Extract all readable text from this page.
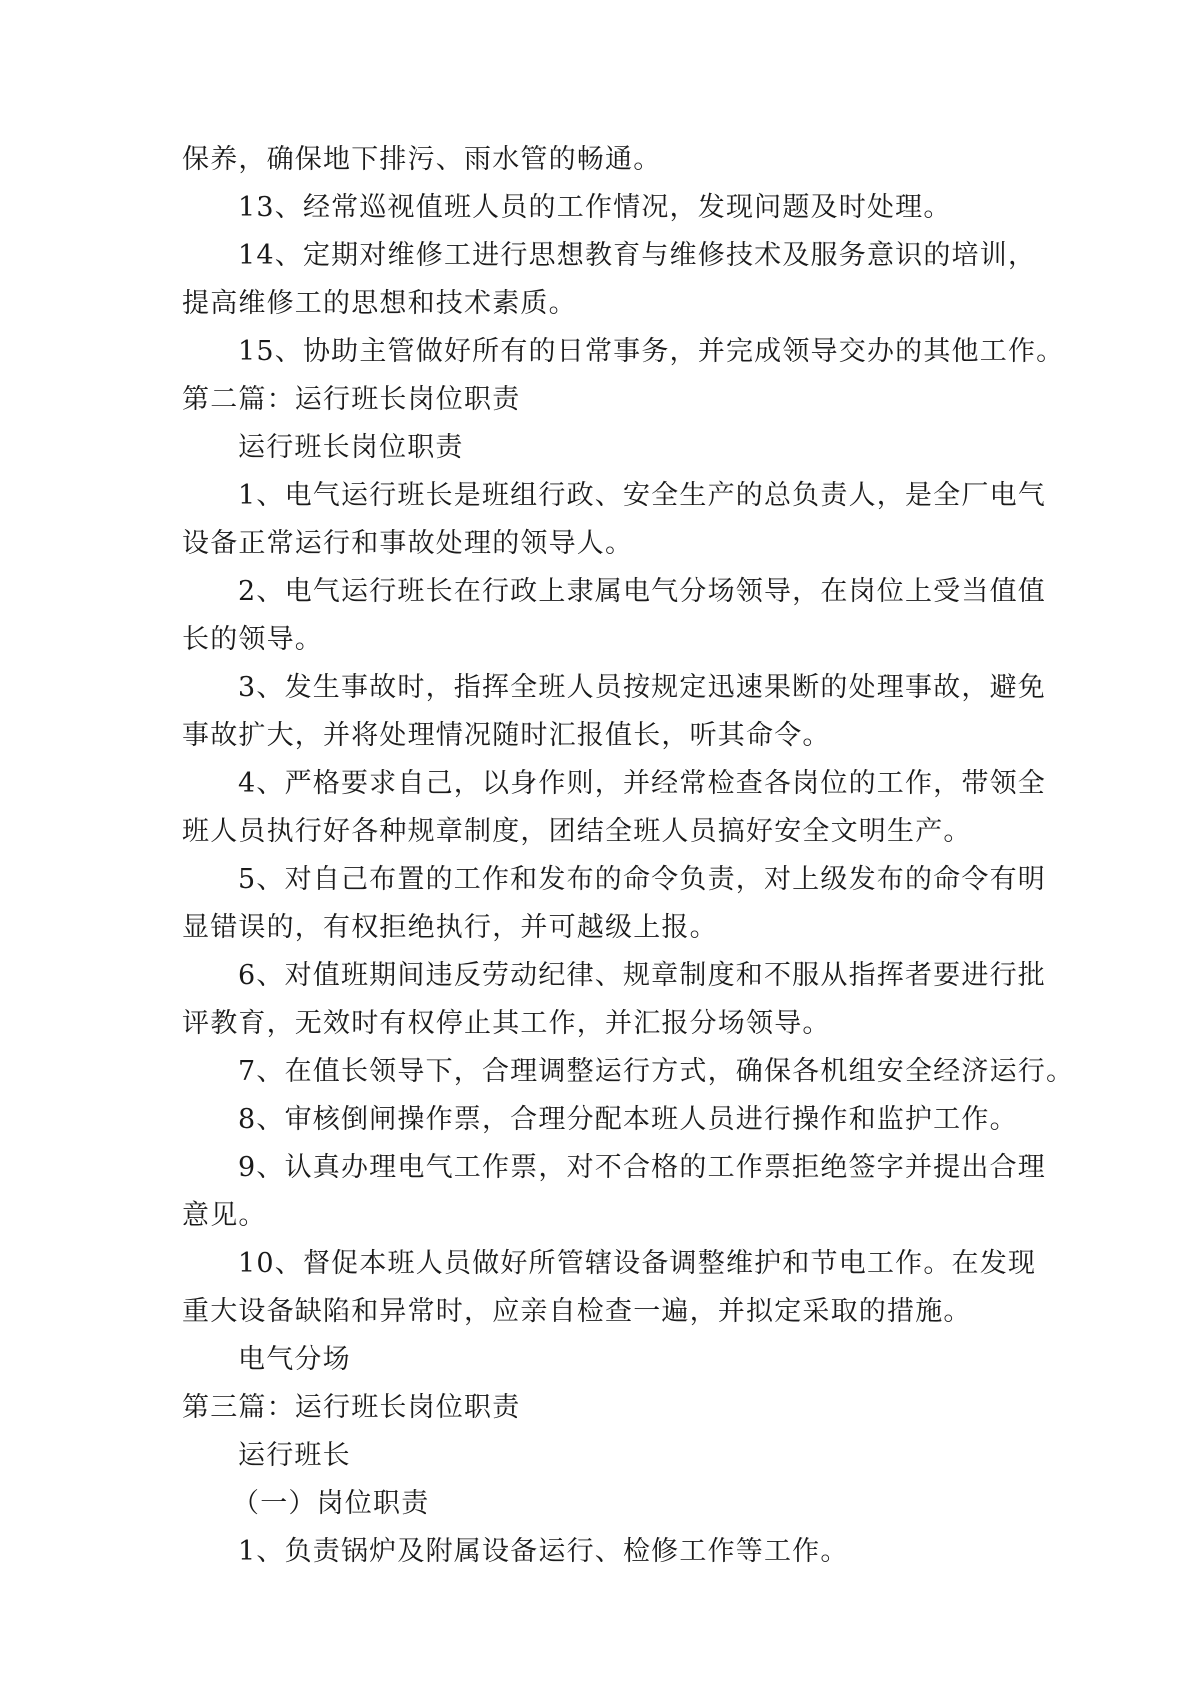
保养，确保地下排污、雨水管的畅通。
13、经常巡视值班人员的工作情况，发现问题及时处理。
14、定期对维修工进行思想教育与维修技术及服务意识的培训，
提高维修工的思想和技术素质。
15、协助主管做好所有的日常事务，并完成领导交办的其他工作。
第二篇：运行班长岗位职责
运行班长岗位职责
1、电气运行班长是班组行政、安全生产的总负责人，是全厂电气
设备正常运行和事故处理的领导人。
2、电气运行班长在行政上隶属电气分场领导，在岗位上受当值值
长的领导。
3、发生事故时，指挥全班人员按规定迅速果断的处理事故，避免
事故扩大，并将处理情况随时汇报值长，听其命令。
4、严格要求自己，以身作则，并经常检查各岗位的工作，带领全
班人员执行好各种规章制度，团结全班人员搞好安全文明生产。
5、对自己布置的工作和发布的命令负责，对上级发布的命令有明
显错误的，有权拒绝执行，并可越级上报。
6、对值班期间违反劳动纪律、规章制度和不服从指挥者要进行批
评教育，无效时有权停止其工作，并汇报分场领导。
7、在值长领导下，合理调整运行方式，确保各机组安全经济运行。
8、审核倒闸操作票，合理分配本班人员进行操作和监护工作。
9、认真办理电气工作票，对不合格的工作票拒绝签字并提出合理
意见。
10、督促本班人员做好所管辖设备调整维护和节电工作。在发现
重大设备缺陷和异常时，应亲自检查一遍，并拟定采取的措施。
电气分场
第三篇：运行班长岗位职责
运行班长
（一）岗位职责
1、负责锅炉及附属设备运行、检修工作等工作。
